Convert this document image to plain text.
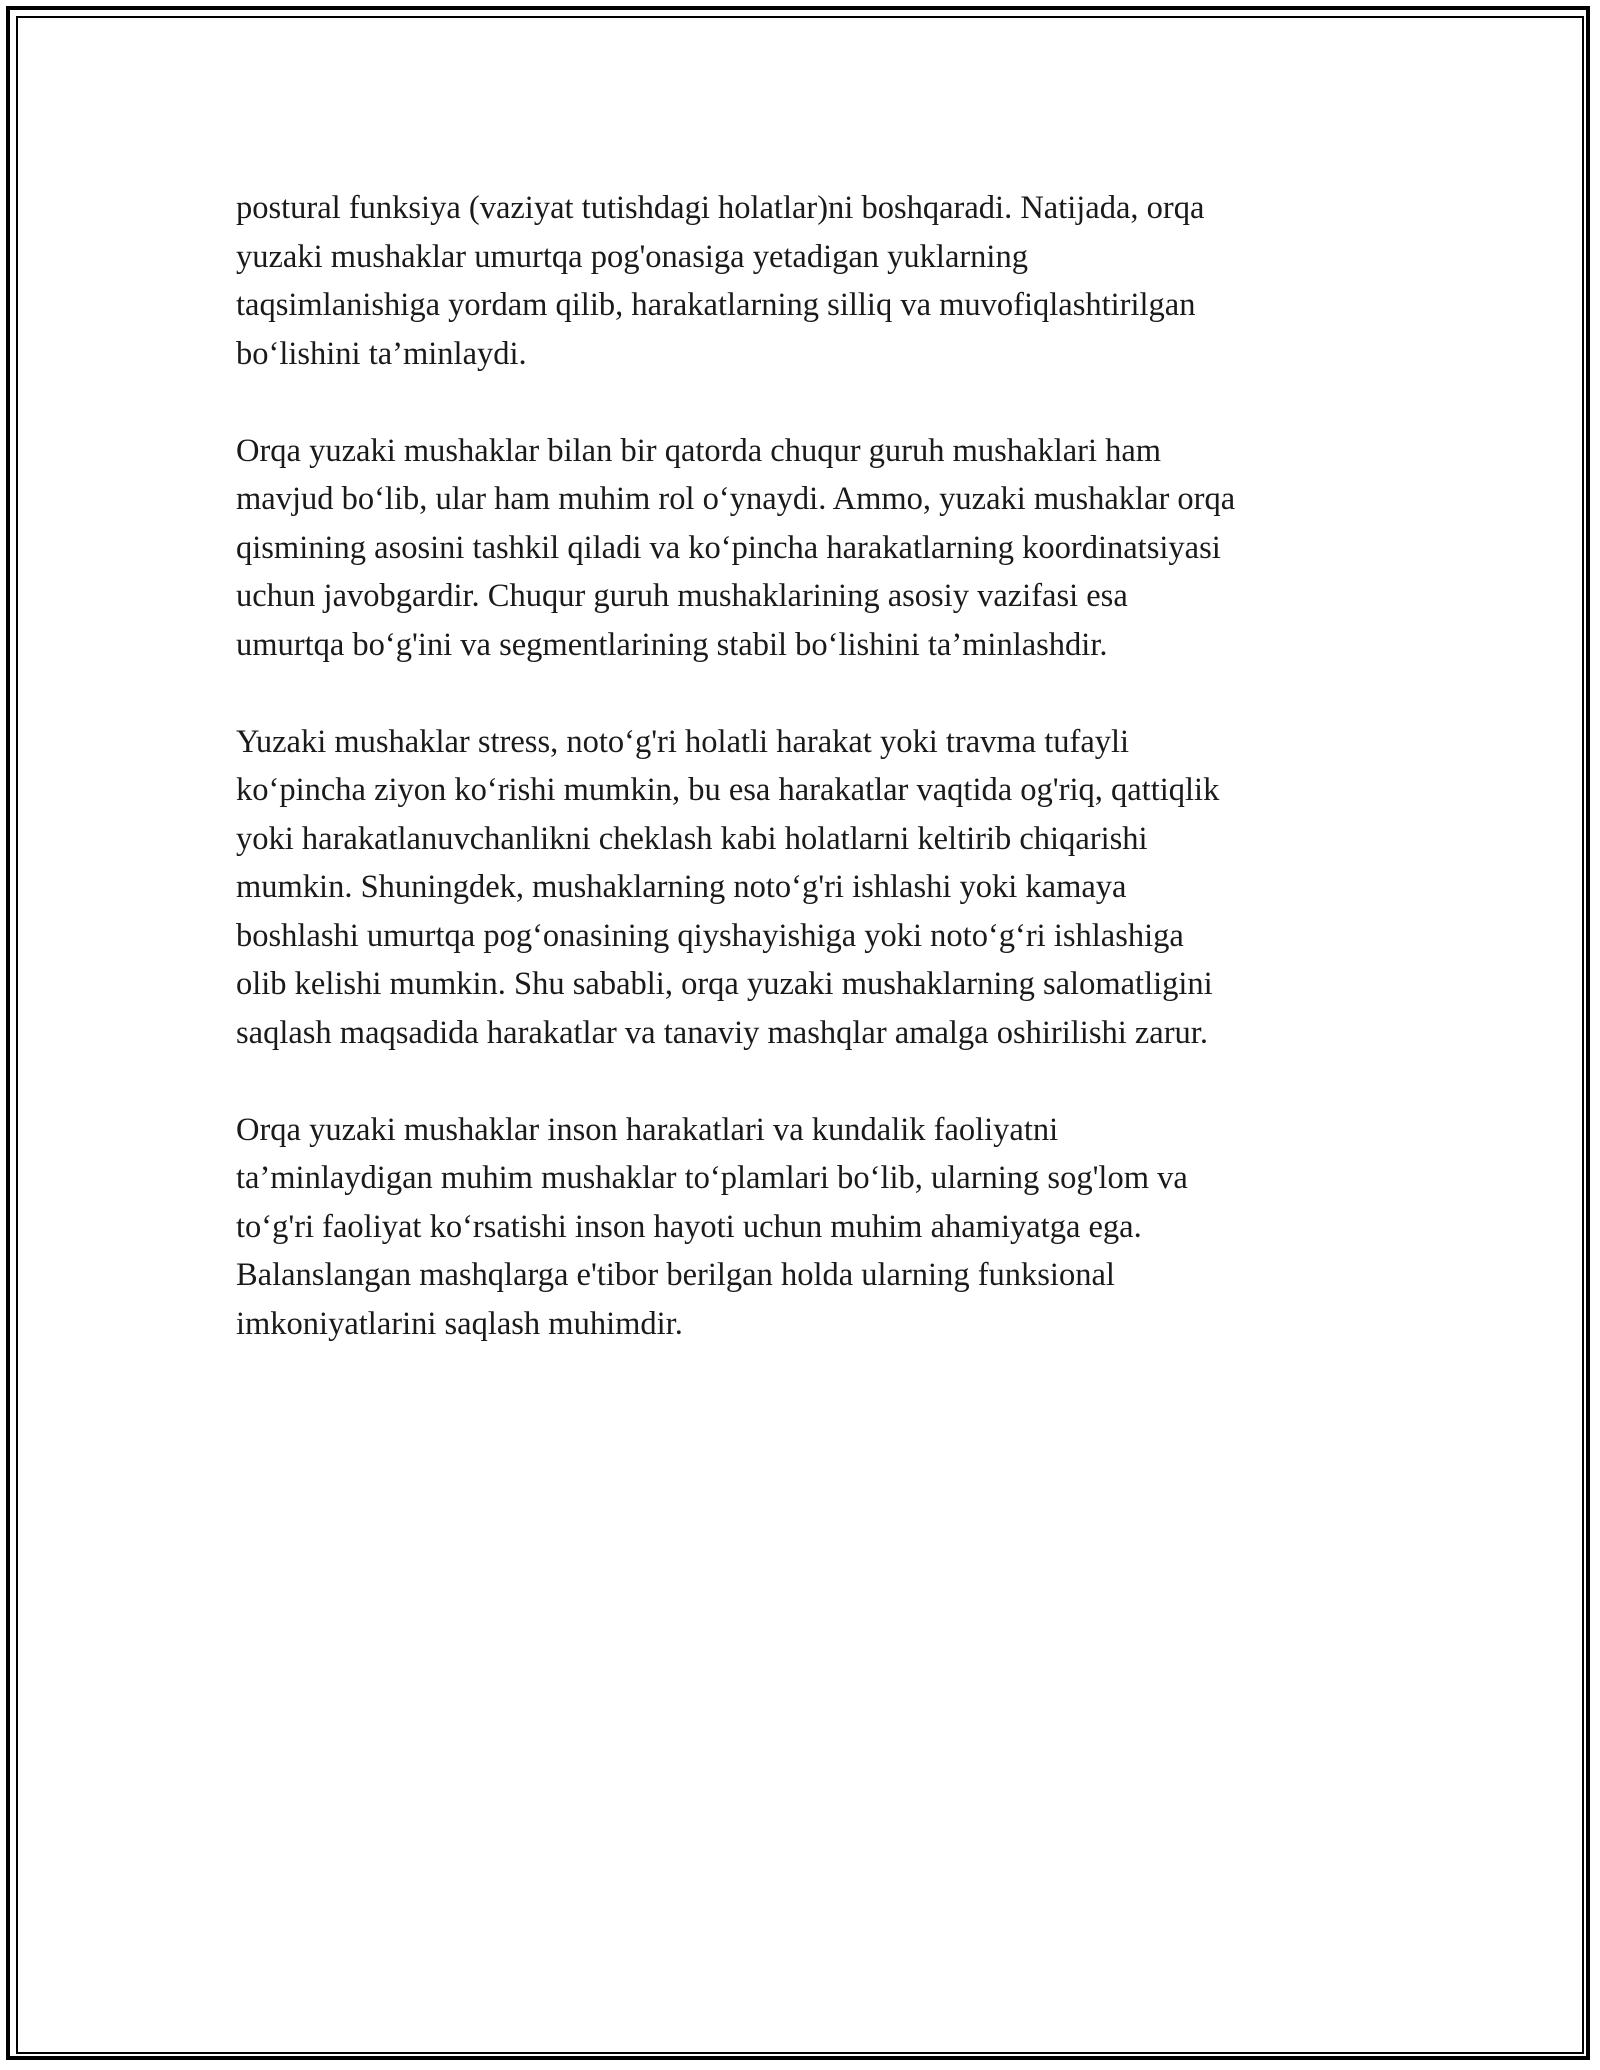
postural funksiya (vaziyat tutishdagi holatlar)ni boshqaradi. Natijada, orqa
yuzaki mushaklar umurtqa pog'onasiga yetadigan yuklarning
taqsimlanishiga yordam qilib, harakatlarning silliq va muvofiqlashtirilgan
bo‘lishini ta’minlaydi.

Orqa yuzaki mushaklar bilan bir qatorda chuqur guruh mushaklari ham
mavjud bo‘lib, ular ham muhim rol o‘ynaydi. Ammo, yuzaki mushaklar orqa
qismining asosini tashkil qiladi va ko‘pincha harakatlarning koordinatsiyasi
uchun javobgardir. Chuqur guruh mushaklarining asosiy vazifasi esa
umurtqa bo‘g'ini va segmentlarining stabil bo‘lishini ta’minlashdir.

Yuzaki mushaklar stress, noto‘g'ri holatli harakat yoki travma tufayli
ko‘pincha ziyon ko‘rishi mumkin, bu esa harakatlar vaqtida og'riq, qattiqlik
yoki harakatlanuvchanlikni cheklash kabi holatlarni keltirib chiqarishi
mumkin. Shuningdek, mushaklarning noto‘g'ri ishlashi yoki kamaya
boshlashi umurtqa pog‘onasining qiyshayishiga yoki noto‘g‘ri ishlashiga
olib kelishi mumkin. Shu sababli, orqa yuzaki mushaklarning salomatligini
saqlash maqsadida harakatlar va tanaviy mashqlar amalga oshirilishi zarur.

Orqa yuzaki mushaklar inson harakatlari va kundalik faoliyatni
ta’minlaydigan muhim mushaklar to‘plamlari bo‘lib, ularning sog'lom va
to‘g'ri faoliyat ko‘rsatishi inson hayoti uchun muhim ahamiyatga ega.
Balanslangan mashqlarga e'tibor berilgan holda ularning funksional
imkoniyatlarini saqlash muhimdir.
